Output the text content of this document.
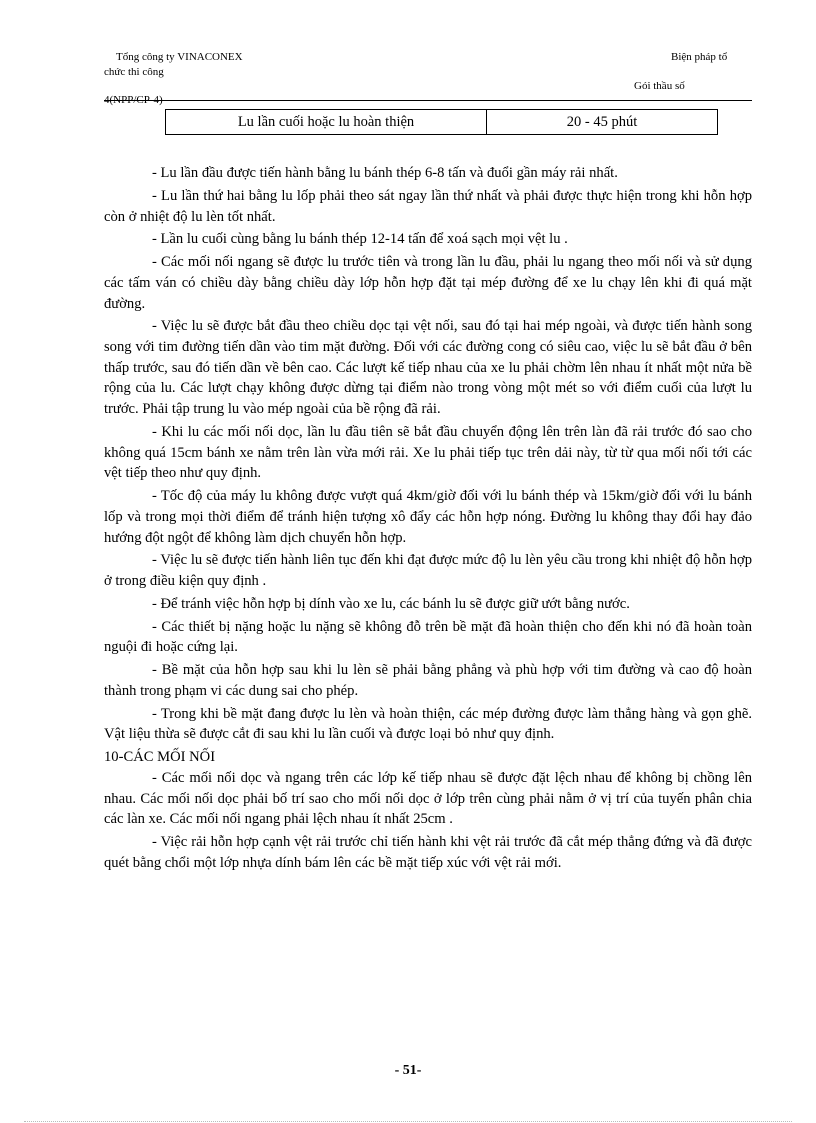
Tổng công ty VINACONEX
chức thi công
Biện pháp tổ
Gói thầu số
4(NPP/CP-4)
Lu lần cuối hoặc lu hoàn thiện	20 - 45 phút

- Lu lần đầu được tiến hành bằng lu bánh thép 6-8 tấn và đuổi gần máy rải nhất.

- Lu lần thứ hai bằng lu lốp phải theo sát ngay lần thứ nhất và phải được thực hiện trong khi hỗn hợp còn ở nhiệt độ lu lèn tốt nhất.

- Lần lu cuối cùng bằng lu bánh thép 12-14 tấn để xoá sạch mọi vệt lu .

- Các mối nối ngang sẽ được lu trước tiên và trong lần lu đầu, phải lu ngang theo mối nối và sử dụng các tấm ván có chiều dày bằng chiều dày lớp hỗn hợp đặt tại mép đường để xe lu chạy lên khi đi quá mặt đường.

- Việc lu sẽ được bắt đầu theo chiều dọc tại vệt nối, sau đó tại hai mép ngoài, và được tiến hành song song với tim đường tiến dần vào tim mặt đường. Đối với các đường cong có siêu cao, việc lu sẽ bắt đầu ở bên thấp trước, sau đó tiến dần về bên cao. Các lượt kế tiếp nhau của xe lu phải chờm lên nhau ít nhất một nửa bề rộng của lu. Các lượt chạy không được dừng tại điểm nào trong vòng một mét so với điểm cuối của lượt lu trước. Phải tập trung lu vào mép ngoài của bề rộng đã rải.

- Khi lu các mối nối dọc, lần lu đầu tiên sẽ bắt đầu chuyển động lên trên làn đã rải trước đó sao cho không quá 15cm bánh xe nằm trên làn vừa mới rải. Xe lu phải tiếp tục trên dải này, từ từ qua mối nối tới các vệt tiếp theo như quy định.

- Tốc độ của máy lu không được vượt quá 4km/giờ đối với lu bánh thép và 15km/giờ đối với lu bánh lốp và trong mọi thời điểm để tránh hiện tượng xô đẩy các hỗn hợp nóng. Đường lu không thay đổi hay đảo hướng đột ngột để không làm dịch chuyển hỗn hợp.

- Việc lu sẽ được tiến hành liên tục đến khi đạt được mức độ lu lèn yêu cầu trong khi nhiệt độ hỗn hợp ở trong điều kiện quy định .

- Để tránh việc hỗn hợp bị dính vào xe lu, các bánh lu sẽ được giữ ướt bằng nước.

- Các thiết bị nặng hoặc lu nặng sẽ không đỗ trên bề mặt đã hoàn thiện cho đến khi nó đã hoàn toàn nguội đi hoặc cứng lại.

- Bề mặt của hỗn hợp sau khi lu lèn sẽ phải bằng phẳng và phù hợp với tim đường và cao độ hoàn thành trong phạm vi các dung sai cho phép.

- Trong khi bề mặt đang được lu lèn và hoàn thiện, các mép đường được làm thẳng hàng và gọn ghẽ. Vật liệu thừa sẽ được cắt đi sau khi lu lần cuối và được loại bỏ như quy định.

10-CÁC MỐI NỐI

- Các mối nối dọc và ngang trên các lớp kế tiếp nhau sẽ được đặt lệch nhau để không bị chồng lên nhau. Các mối nối dọc phải bố trí sao cho mối nối dọc ở lớp trên cùng phải nằm ở vị trí của tuyến phân chia các làn xe. Các mối nối ngang phải lệch nhau ít nhất 25cm .

- Việc rải hỗn hợp cạnh vệt rải trước chỉ tiến hành khi vệt rải trước đã cắt mép thẳng đứng và đã được quét bằng chổi một lớp nhựa dính bám lên các bề mặt tiếp xúc với vệt rải mới.

- 51-
